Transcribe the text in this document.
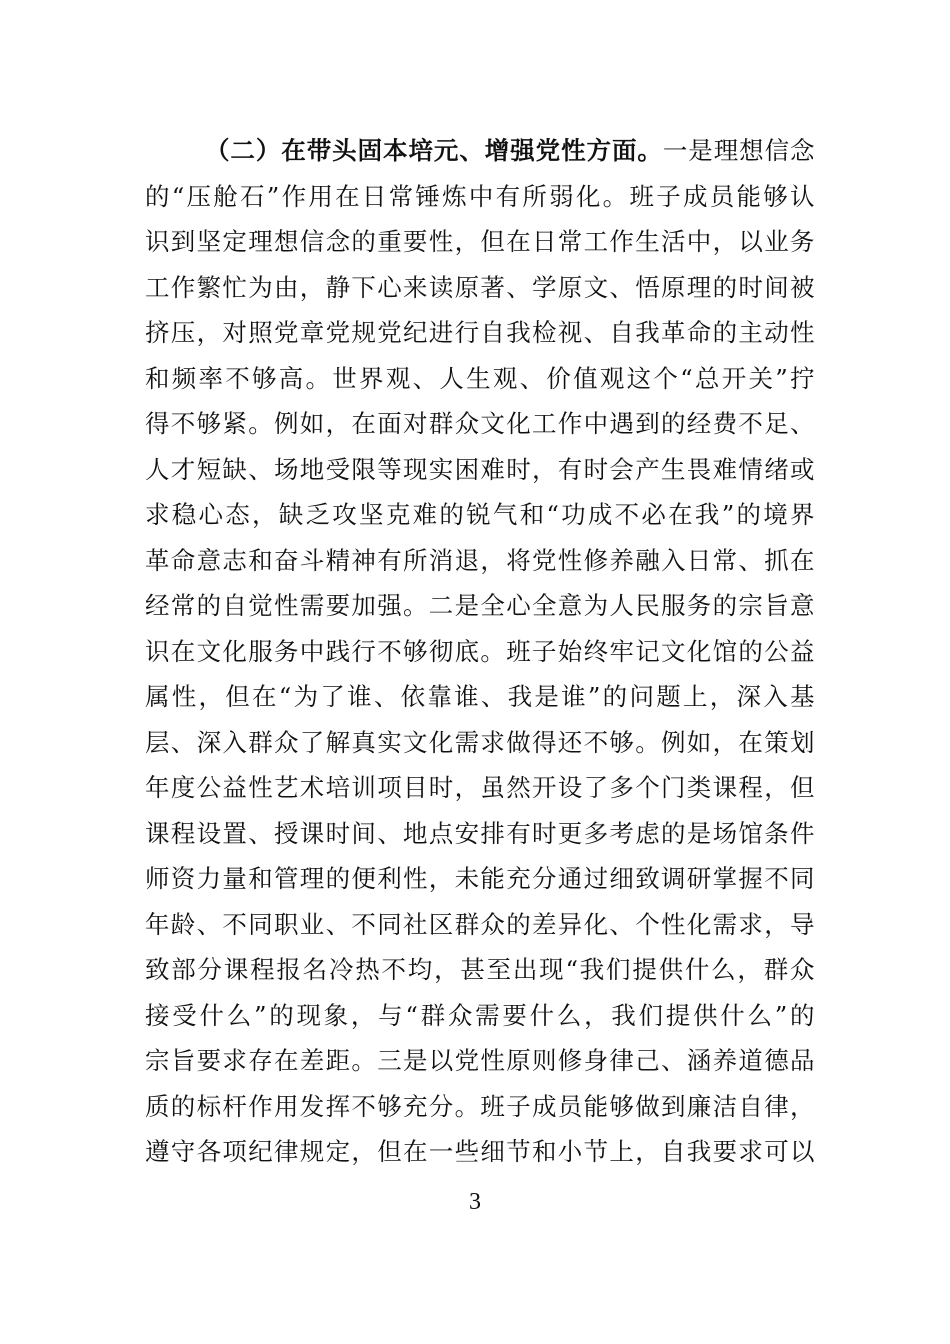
（二）在带头固本培元、增强党性方面。一是理想信念
的“压舱石”作用在日常锤炼中有所弱化。班子成员能够认
识到坚定理想信念的重要性，但在日常工作生活中，以业务
工作繁忙为由，静下心来读原著、学原文、悟原理的时间被
挤压，对照党章党规党纪进行自我检视、自我革命的主动性
和频率不够高。世界观、人生观、价值观这个“总开关”拧
得不够紧。例如，在面对群众文化工作中遇到的经费不足、
人才短缺、场地受限等现实困难时，有时会产生畏难情绪或
求稳心态，缺乏攻坚克难的锐气和“功成不必在我”的境界
革命意志和奋斗精神有所消退，将党性修养融入日常、抓在
经常的自觉性需要加强。二是全心全意为人民服务的宗旨意
识在文化服务中践行不够彻底。班子始终牢记文化馆的公益
属性，但在“为了谁、依靠谁、我是谁”的问题上，深入基
层、深入群众了解真实文化需求做得还不够。例如，在策划
年度公益性艺术培训项目时，虽然开设了多个门类课程，但
课程设置、授课时间、地点安排有时更多考虑的是场馆条件
师资力量和管理的便利性，未能充分通过细致调研掌握不同
年龄、不同职业、不同社区群众的差异化、个性化需求，导
致部分课程报名冷热不均，甚至出现“我们提供什么，群众
接受什么”的现象，与“群众需要什么，我们提供什么”的
宗旨要求存在差距。三是以党性原则修身律己、涵养道德品
质的标杆作用发挥不够充分。班子成员能够做到廉洁自律，
遵守各项纪律规定，但在一些细节和小节上，自我要求可以
3
